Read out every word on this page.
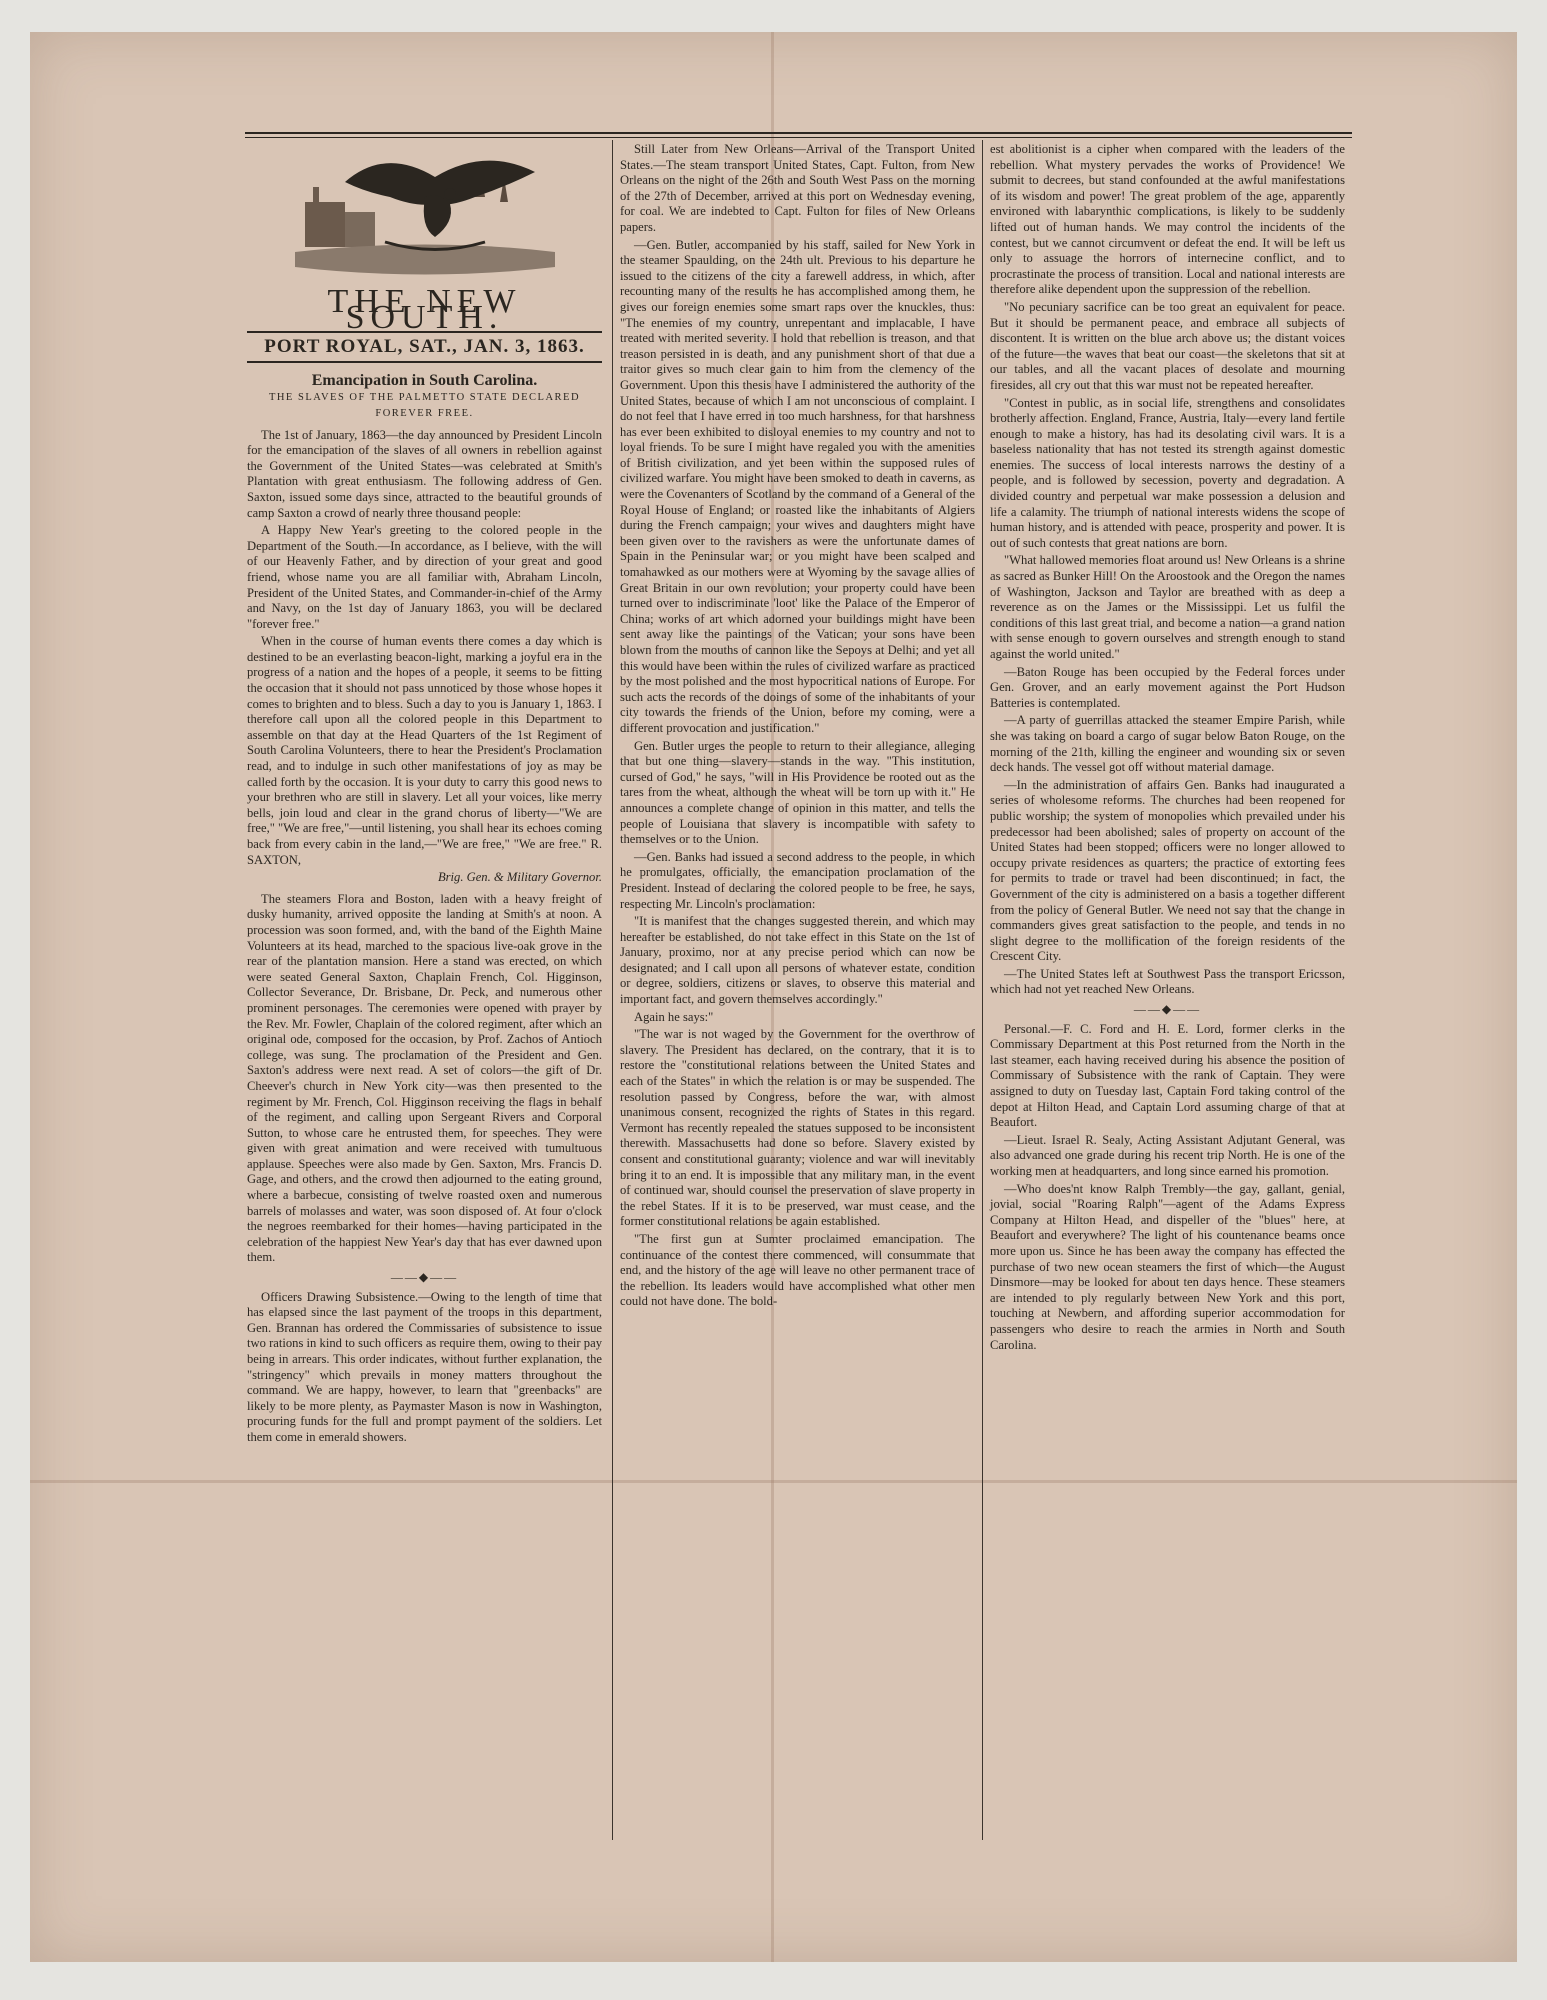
THE NEW SOUTH.
PORT ROYAL, SAT., JAN. 3, 1863.
Emancipation in South Carolina.
THE SLAVES OF THE PALMETTO STATE DECLARED FOREVER FREE.

The 1st of January, 1863—the day announced by President Lincoln for the emancipation of the slaves of all owners in rebellion against the Government of the United States—was celebrated at Smith's Plantation with great enthusiasm. The following address of Gen. Saxton, issued some days since, attracted to the beautiful grounds of camp Saxton a crowd of nearly three thousand people:

A Happy New Year's greeting to the colored people in the Department of the South.—In accordance, as I believe, with the will of our Heavenly Father, and by direction of your great and good friend, whose name you are all familiar with, Abraham Lincoln, President of the United States, and Commander-in-chief of the Army and Navy, on the 1st day of January 1863, you will be declared "forever free."

When in the course of human events there comes a day which is destined to be an everlasting beacon-light, marking a joyful era in the progress of a nation and the hopes of a people, it seems to be fitting the occasion that it should not pass unnoticed by those whose hopes it comes to brighten and to bless. Such a day to you is January 1, 1863. I therefore call upon all the colored people in this Department to assemble on that day at the Head Quarters of the 1st Regiment of South Carolina Volunteers, there to hear the President's Proclamation read, and to indulge in such other manifestations of joy as may be called forth by the occasion. It is your duty to carry this good news to your brethren who are still in slavery. Let all your voices, like merry bells, join loud and clear in the grand chorus of liberty—"We are free," "We are free,"—until listening, you shall hear its echoes coming back from every cabin in the land,—"We are free," "We are free." R. SAXTON,

Brig. Gen. & Military Governor.

The steamers Flora and Boston, laden with a heavy freight of dusky humanity, arrived opposite the landing at Smith's at noon. A procession was soon formed, and, with the band of the Eighth Maine Volunteers at its head, marched to the spacious live-oak grove in the rear of the plantation mansion. Here a stand was erected, on which were seated General Saxton, Chaplain French, Col. Higginson, Collector Severance, Dr. Brisbane, Dr. Peck, and numerous other prominent personages. The ceremonies were opened with prayer by the Rev. Mr. Fowler, Chaplain of the colored regiment, after which an original ode, composed for the occasion, by Prof. Zachos of Antioch college, was sung. The proclamation of the President and Gen. Saxton's address were next read. A set of colors—the gift of Dr. Cheever's church in New York city—was then presented to the regiment by Mr. French, Col. Higginson receiving the flags in behalf of the regiment, and calling upon Sergeant Rivers and Corporal Sutton, to whose care he entrusted them, for speeches. They were given with great animation and were received with tumultuous applause. Speeches were also made by Gen. Saxton, Mrs. Francis D. Gage, and others, and the crowd then adjourned to the eating ground, where a barbecue, consisting of twelve roasted oxen and numerous barrels of molasses and water, was soon disposed of. At four o'clock the negroes reembarked for their homes—having participated in the celebration of the happiest New Year's day that has ever dawned upon them.

——◆——

Officers Drawing Subsistence.—Owing to the length of time that has elapsed since the last payment of the troops in this department, Gen. Brannan has ordered the Commissaries of subsistence to issue two rations in kind to such officers as require them, owing to their pay being in arrears. This order indicates, without further explanation, the "stringency" which prevails in money matters throughout the command. We are happy, however, to learn that "greenbacks" are likely to be more plenty, as Paymaster Mason is now in Washington, procuring funds for the full and prompt payment of the soldiers. Let them come in emerald showers.

Still Later from New Orleans—Arrival of the Transport United States.—The steam transport United States, Capt. Fulton, from New Orleans on the night of the 26th and South West Pass on the morning of the 27th of December, arrived at this port on Wednesday evening, for coal. We are indebted to Capt. Fulton for files of New Orleans papers.

—Gen. Butler, accompanied by his staff, sailed for New York in the steamer Spaulding, on the 24th ult. Previous to his departure he issued to the citizens of the city a farewell address, in which, after recounting many of the results he has accomplished among them, he gives our foreign enemies some smart raps over the knuckles, thus: "The enemies of my country, unrepentant and implacable, I have treated with merited severity. I hold that rebellion is treason, and that treason persisted in is death, and any punishment short of that due a traitor gives so much clear gain to him from the clemency of the Government. Upon this thesis have I administered the authority of the United States, because of which I am not unconscious of complaint. I do not feel that I have erred in too much harshness, for that harshness has ever been exhibited to disloyal enemies to my country and not to loyal friends. To be sure I might have regaled you with the amenities of British civilization, and yet been within the supposed rules of civilized warfare. You might have been smoked to death in caverns, as were the Covenanters of Scotland by the command of a General of the Royal House of England; or roasted like the inhabitants of Algiers during the French campaign; your wives and daughters might have been given over to the ravishers as were the unfortunate dames of Spain in the Peninsular war; or you might have been scalped and tomahawked as our mothers were at Wyoming by the savage allies of Great Britain in our own revolution; your property could have been turned over to indiscriminate 'loot' like the Palace of the Emperor of China; works of art which adorned your buildings might have been sent away like the paintings of the Vatican; your sons have been blown from the mouths of cannon like the Sepoys at Delhi; and yet all this would have been within the rules of civilized warfare as practiced by the most polished and the most hypocritical nations of Europe. For such acts the records of the doings of some of the inhabitants of your city towards the friends of the Union, before my coming, were a different provocation and justification."

Gen. Butler urges the people to return to their allegiance, alleging that but one thing—slavery—stands in the way. "This institution, cursed of God," he says, "will in His Providence be rooted out as the tares from the wheat, although the wheat will be torn up with it." He announces a complete change of opinion in this matter, and tells the people of Louisiana that slavery is incompatible with safety to themselves or to the Union.

—Gen. Banks had issued a second address to the people, in which he promulgates, officially, the emancipation proclamation of the President. Instead of declaring the colored people to be free, he says, respecting Mr. Lincoln's proclamation:

"It is manifest that the changes suggested therein, and which may hereafter be established, do not take effect in this State on the 1st of January, proximo, nor at any precise period which can now be designated; and I call upon all persons of whatever estate, condition or degree, soldiers, citizens or slaves, to observe this material and important fact, and govern themselves accordingly."

Again he says:"

"The war is not waged by the Government for the overthrow of slavery. The President has declared, on the contrary, that it is to restore the "constitutional relations between the United States and each of the States" in which the relation is or may be suspended. The resolution passed by Congress, before the war, with almost unanimous consent, recognized the rights of States in this regard. Vermont has recently repealed the statues supposed to be inconsistent therewith. Massachusetts had done so before. Slavery existed by consent and constitutional guaranty; violence and war will inevitably bring it to an end. It is impossible that any military man, in the event of continued war, should counsel the preservation of slave property in the rebel States. If it is to be preserved, war must cease, and the former constitutional relations be again established.

"The first gun at Sumter proclaimed emancipation. The continuance of the contest there commenced, will consummate that end, and the history of the age will leave no other permanent trace of the rebellion. Its leaders would have accomplished what other men could not have done. The bold-

est abolitionist is a cipher when compared with the leaders of the rebellion. What mystery pervades the works of Providence! We submit to decrees, but stand confounded at the awful manifestations of its wisdom and power! The great problem of the age, apparently environed with labarynthic complications, is likely to be suddenly lifted out of human hands. We may control the incidents of the contest, but we cannot circumvent or defeat the end. It will be left us only to assuage the horrors of internecine conflict, and to procrastinate the process of transition. Local and national interests are therefore alike dependent upon the suppression of the rebellion.

"No pecuniary sacrifice can be too great an equivalent for peace. But it should be permanent peace, and embrace all subjects of discontent. It is written on the blue arch above us; the distant voices of the future—the waves that beat our coast—the skeletons that sit at our tables, and all the vacant places of desolate and mourning firesides, all cry out that this war must not be repeated hereafter.

"Contest in public, as in social life, strengthens and consolidates brotherly affection. England, France, Austria, Italy—every land fertile enough to make a history, has had its desolating civil wars. It is a baseless nationality that has not tested its strength against domestic enemies. The success of local interests narrows the destiny of a people, and is followed by secession, poverty and degradation. A divided country and perpetual war make possession a delusion and life a calamity. The triumph of national interests widens the scope of human history, and is attended with peace, prosperity and power. It is out of such contests that great nations are born.

"What hallowed memories float around us! New Orleans is a shrine as sacred as Bunker Hill! On the Aroostook and the Oregon the names of Washington, Jackson and Taylor are breathed with as deep a reverence as on the James or the Mississippi. Let us fulfil the conditions of this last great trial, and become a nation—a grand nation with sense enough to govern ourselves and strength enough to stand against the world united."

—Baton Rouge has been occupied by the Federal forces under Gen. Grover, and an early movement against the Port Hudson Batteries is contemplated.

—A party of guerrillas attacked the steamer Empire Parish, while she was taking on board a cargo of sugar below Baton Rouge, on the morning of the 21th, killing the engineer and wounding six or seven deck hands. The vessel got off without material damage.

—In the administration of affairs Gen. Banks had inaugurated a series of wholesome reforms. The churches had been reopened for public worship; the system of monopolies which prevailed under his predecessor had been abolished; sales of property on account of the United States had been stopped; officers were no longer allowed to occupy private residences as quarters; the practice of extorting fees for permits to trade or travel had been discontinued; in fact, the Government of the city is administered on a basis a together different from the policy of General Butler. We need not say that the change in commanders gives great satisfaction to the people, and tends in no slight degree to the mollification of the foreign residents of the Crescent City.

—The United States left at Southwest Pass the transport Ericsson, which had not yet reached New Orleans.

——◆——

Personal.—F. C. Ford and H. E. Lord, former clerks in the Commissary Department at this Post returned from the North in the last steamer, each having received during his absence the position of Commissary of Subsistence with the rank of Captain. They were assigned to duty on Tuesday last, Captain Ford taking control of the depot at Hilton Head, and Captain Lord assuming charge of that at Beaufort.

—Lieut. Israel R. Sealy, Acting Assistant Adjutant General, was also advanced one grade during his recent trip North. He is one of the working men at headquarters, and long since earned his promotion.

—Who does'nt know Ralph Trembly—the gay, gallant, genial, jovial, social "Roaring Ralph"—agent of the Adams Express Company at Hilton Head, and dispeller of the "blues" here, at Beaufort and everywhere? The light of his countenance beams once more upon us. Since he has been away the company has effected the purchase of two new ocean steamers the first of which—the August Dinsmore—may be looked for about ten days hence. These steamers are intended to ply regularly between New York and this port, touching at Newbern, and affording superior accommodation for passengers who desire to reach the armies in North and South Carolina.
